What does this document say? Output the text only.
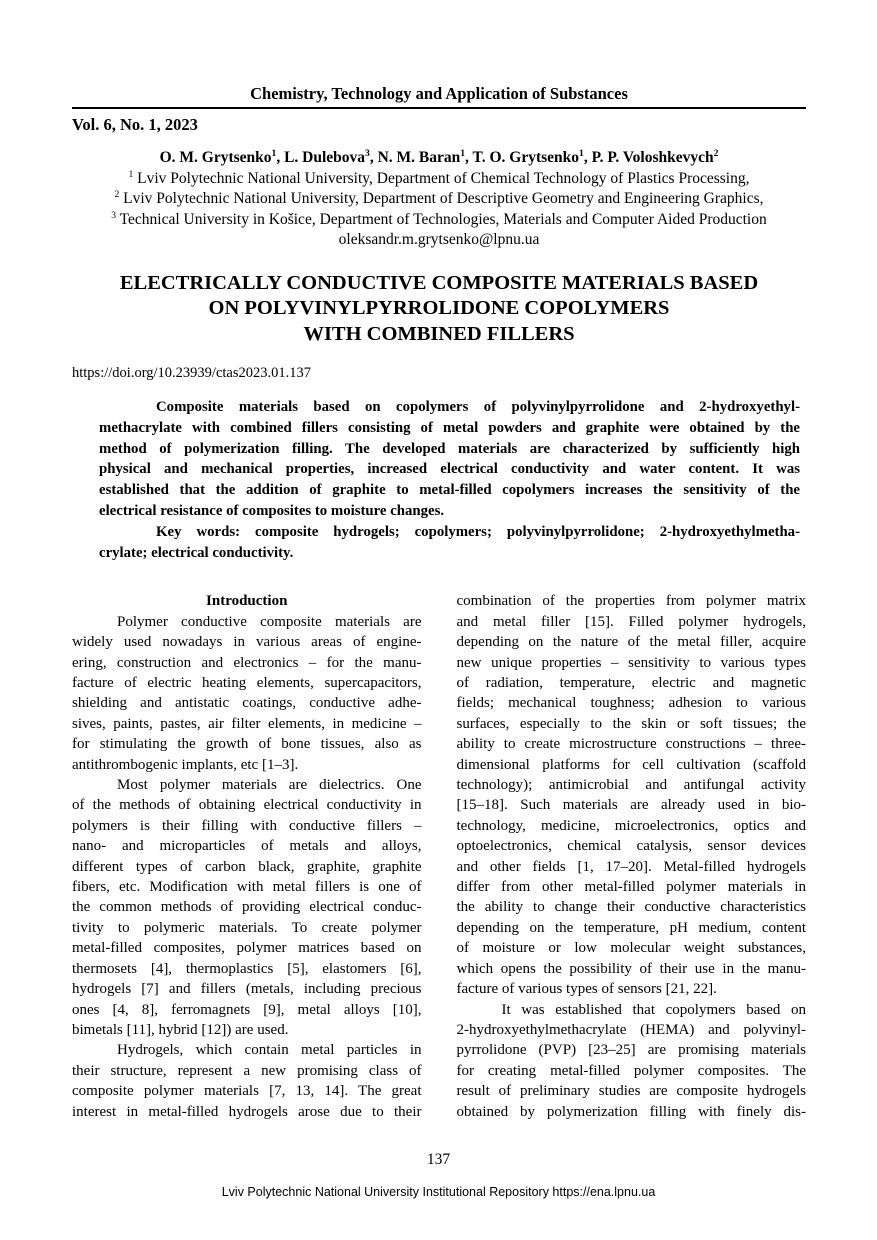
Chemistry, Technology and Application of Substances
Vol. 6, No. 1, 2023
O. M. Grytsenko$^1$, L. Dulebova$^3$, N. M. Baran$^1$, T. O. Grytsenko$^1$, P. P. Voloshkevych$^2$
$^1$ Lviv Polytechnic National University, Department of Chemical Technology of Plastics Processing,
$^2$ Lviv Polytechnic National University, Department of Descriptive Geometry and Engineering Graphics,
$^3$ Technical University in Košice, Department of Technologies, Materials and Computer Aided Production
oleksandr.m.grytsenko@lpnu.ua
ELECTRICALLY CONDUCTIVE COMPOSITE MATERIALS BASED
ON POLYVINYLPYRROLIDONE COPOLYMERS
WITH COMBINED FILLERS
https://doi.org/10.23939/ctas2023.01.137
Composite materials based on copolymers of polyvinylpyrrolidone and 2-hydroxyethyl-
methacrylate with combined fillers consisting of metal powders and graphite were obtained by the
method of polymerization filling. The developed materials are characterized by sufficiently high
physical and mechanical properties, increased electrical conductivity and water content. It was
established that the addition of graphite to metal-filled copolymers increases the sensitivity of the
electrical resistance of composites to moisture changes.
Key words: composite hydrogels; copolymers; polyvinylpyrrolidone; 2-hydroxyethylmetha-
crylate; electrical conductivity.
Introduction
Polymer conductive composite materials are
widely used nowadays in various areas of engine-
ering, construction and electronics – for the manu-
facture of electric heating elements, supercapacitors,
shielding and antistatic coatings, conductive adhe-
sives, paints, pastes, air filter elements, in medicine –
for stimulating the growth of bone tissues, also as
antithrombogenic implants, etc [1–3].
Most polymer materials are dielectrics. One
of the methods of obtaining electrical conductivity in
polymers is their filling with conductive fillers –
nano- and microparticles of metals and alloys,
different types of carbon black, graphite, graphite
fibers, etc. Modification with metal fillers is one of
the common methods of providing electrical conduc-
tivity to polymeric materials. To create polymer
metal-filled composites, polymer matrices based on
thermosets [4], thermoplastics [5], elastomers [6],
hydrogels [7] and fillers (metals, including precious
ones [4, 8], ferromagnets [9], metal alloys [10],
bimetals [11], hybrid [12]) are used.
Hydrogels, which contain metal particles in
their structure, represent a new promising class of
composite polymer materials [7, 13, 14]. The great
interest in metal-filled hydrogels arose due to their
combination of the properties from polymer matrix
and metal filler [15]. Filled polymer hydrogels,
depending on the nature of the metal filler, acquire
new unique properties – sensitivity to various types
of radiation, temperature, electric and magnetic
fields; mechanical toughness; adhesion to various
surfaces, especially to the skin or soft tissues; the
ability to create microstructure constructions – three-
dimensional platforms for cell cultivation (scaffold
technology); antimicrobial and antifungal activity
[15–18]. Such materials are already used in bio-
technology, medicine, microelectronics, optics and
optoelectronics, chemical catalysis, sensor devices
and other fields [1, 17–20]. Metal-filled hydrogels
differ from other metal-filled polymer materials in
the ability to change their conductive characteristics
depending on the temperature, pH medium, content
of moisture or low molecular weight substances,
which opens the possibility of their use in the manu-
facture of various types of sensors [21, 22].
It was established that copolymers based on
2-hydroxyethylmethacrylate (HEMA) and polyvinyl-
pyrrolidone (PVP) [23–25] are promising materials
for creating metal-filled polymer composites. The
result of preliminary studies are composite hydrogels
obtained by polymerization filling with finely dis-
137
Lviv Polytechnic National University Institutional Repository https://ena.lpnu.ua
